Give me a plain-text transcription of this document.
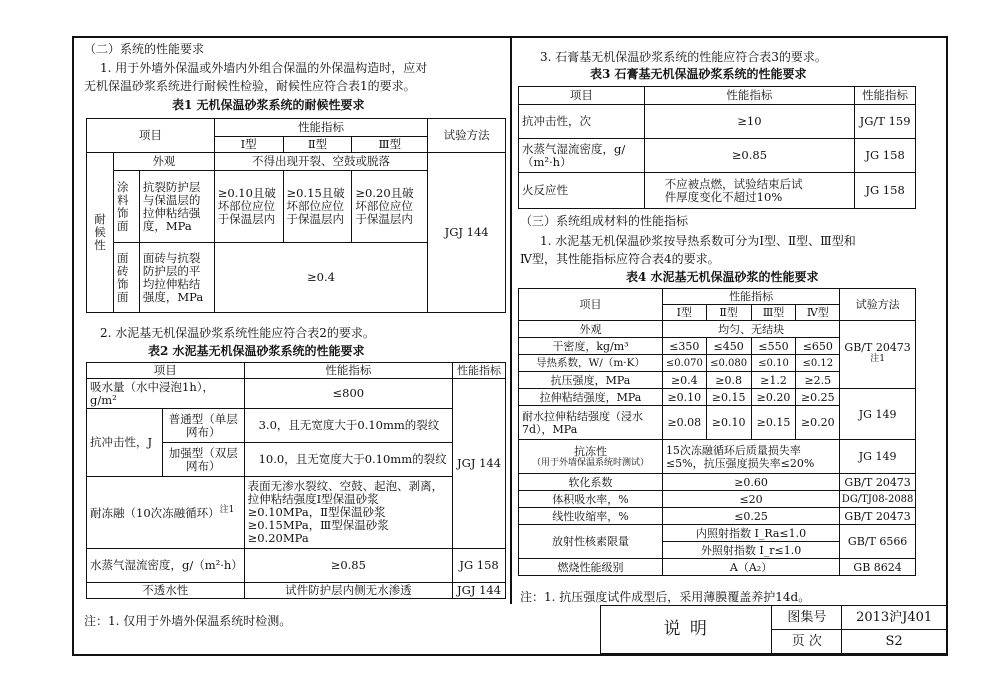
（二）系统的性能要求
1. 用于外墙外保温或外墙内外组合保温的外保温构造时，应对
无机保温砂浆系统进行耐候性检验，耐候性应符合表1的要求。
表1 无机保温砂浆系统的耐候性要求
项目			性能指标			试验方法
			Ⅰ型	Ⅱ型	Ⅲ型	
耐候性	外观		不得出现开裂、空鼓或脱落			JGJ 144
	涂料饰面	抗裂防护层与保温层的拉伸粘结强度，MPa	≥0.10且破坏部位应位于保温层内	≥0.15且破坏部位应位于保温层内	≥0.20且破坏部位应位于保温层内	
	面砖饰面	面砖与抗裂防护层的平均拉伸粘结强度，MPa	≥0.4			
2. 水泥基无机保温砂浆系统性能应符合表2的要求。
表2 水泥基无机保温砂浆系统的性能要求
项目		性能指标	性能指标
吸水量（水中浸泡1h），g/m²		≤800	JGJ 144
抗冲击性，J	普通型（单层网布）	3.0，且无宽度大于0.10mm的裂纹	
	加强型（双层网布）	10.0，且无宽度大于0.10mm的裂纹	
耐冻融（10次冻融循环）$^{注1}$		表面无渗水裂纹、空鼓、起泡、剥离，拉伸粘结强度Ⅰ型保温砂浆≥0.10MPa，Ⅱ型保温砂浆≥0.15MPa，Ⅲ型保温砂浆≥0.20MPa	
水蒸气湿流密度，g/（m²·h）		≥0.85	JG 158
不透水性		试件防护层内侧无水渗透	JGJ 144
注：1. 仅用于外墙外保温系统时检测。
3. 石膏基无机保温砂浆系统的性能应符合表3的要求。
表3 石膏基无机保温砂浆系统的性能要求
项目	性能指标	性能指标
抗冲击性，次	≥10	JG/T 159
水蒸气湿流密度，g/（m²·h）	≥0.85	JG 158
火反应性	不应被点燃，试验结束后试件厚度变化不超过10%	JG 158
（三）系统组成材料的性能指标
1. 水泥基无机保温砂浆按导热系数可分为Ⅰ型、Ⅱ型、Ⅲ型和
Ⅳ型，其性能指标应符合表4的要求。
表4 水泥基无机保温砂浆的性能要求
项目	性能指标				试验方法
	Ⅰ型	Ⅱ型	Ⅲ型	Ⅳ型	
外观	均匀、无结块				GB/T 20473$^{注1}$
干密度，kg/m³	≤350	≤450	≤550	≤650	
导热系数，W/（m·K）	≤0.070	≤0.080	≤0.10	≤0.12	
抗压强度，MPa	≥0.4	≥0.8	≥1.2	≥2.5	
拉伸粘结强度，MPa	≥0.10	≥0.15	≥0.20	≥0.25	JG 149
耐水拉伸粘结强度（浸水7d），MPa	≥0.08	≥0.10	≥0.15	≥0.20	

抗冻性
（用于外墙保温系统时测试）	15次冻融循环后质量损失率≤5%，抗压强度损失率≤20%				JG 149
软化系数	≥0.60				GB/T 20473
体积吸水率，%	≤20				DG/TJ08-2088
线性收缩率，%	≤0.25				GB/T 20473
放射性核素限量	内照射指数 I_Ra≤1.0				GB/T 6566
	外照射指数 I_r≤1.0				
燃烧性能级别	A（A₂）				GB 8624
注：1. 抗压强度试件成型后，采用薄膜覆盖养护14d。
说 明	图集号	2013沪J401
	页 次	S2
